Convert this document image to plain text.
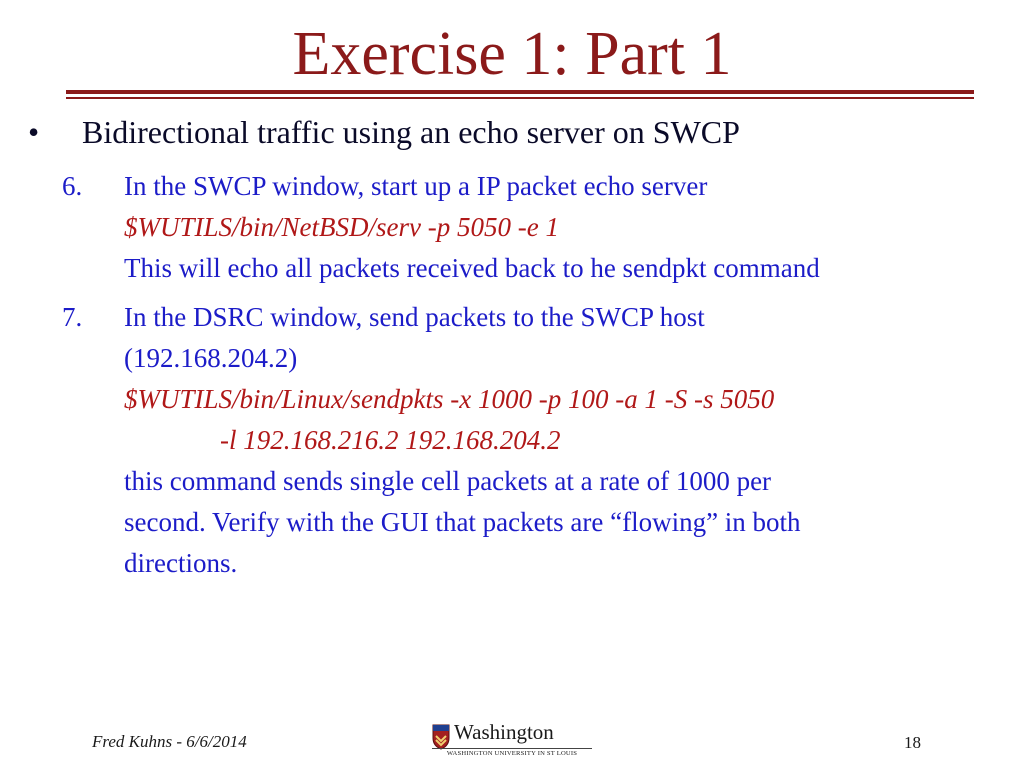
Exercise 1: Part 1
• Bidirectional traffic using an echo server on SWCP
6. In the SWCP window, start up a IP packet echo server
$WUTILS/bin/NetBSD/serv -p 5050 -e 1
This will echo all packets received back to he sendpkt command
7. In the DSRC window, send packets to the SWCP host
(192.168.204.2)
$WUTILS/bin/Linux/sendpkts -x 1000 -p 100 -a 1 -S -s 5050
-l 192.168.216.2 192.168.204.2
this command sends single cell packets at a rate of 1000 per
second. Verify with the GUI that packets are “flowing” in both
directions.
Fred Kuhns - 6/6/2014	Washington
WASHINGTON UNIVERSITY IN ST LOUIS
18
